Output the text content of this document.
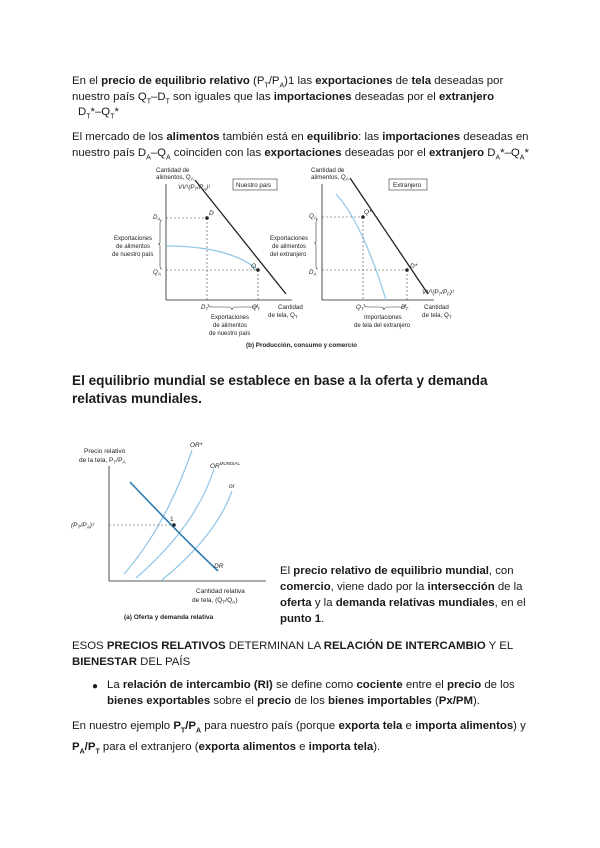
En el precio de equilibrio relativo $(P_T/P_A)1$ las exportaciones de tela deseadas por
nuestro país $Q_T-D_T$ son iguales que las importaciones deseadas por el extranjero
$D_T*-Q_T*$
El mercado de los alimentos también está en equilibrio: las importaciones deseadas en
nuestro país $D_A-Q_A$ coinciden con las exportaciones deseadas por el extranjero $D_A*-Q_A*$
Cantidad de
alimentos, $Q_A$
$VV^1(P_T/P_A)^1$	Nuestro país
D
Q
$D_A$
$Q_A$
Exportaciones
de alimentos
de nuestro país
$D_T$	$Q_T$
Exportaciones
de alimentos
de nuestro país
Cantidad
de tela, $Q_T$
Cantidad de
alimentos, $Q_A$
Extranjero
Q*
D*
$Q_A$
$D_A$
Exportaciones
de alimentos
del extranjero
$VV^1(P_T/P_F)^1$
$Q_T$	$D_T$
Importaciones
de tela del extranjero
Cantidad
de tela, $Q_T$
(b) Producción, consumo y comercio
El equilibrio mundial se establece en base a la oferta y demanda
relativas mundiales.
Precio relativo
de la tela, $P_T/P_A$
OR*
$OR^{MUNDIAL}$
or
DR
1
$(P_T/P_A)^1$
Cantidad relativa
de tela, $(Q_T/Q_A)$
(a) Oferta y demanda relativa
El precio relativo de equilibrio mundial, con
comercio, viene dado por la intersección de la
oferta y la demanda relativas mundiales, en el
punto 1.
ESOS PRECIOS RELATIVOS DETERMINAN LA RELACIÓN DE INTERCAMBIO Y EL
BIENESTAR DEL PAÍS
● La relación de intercambio (RI) se define como cociente entre el precio de los
bienes exportables sobre el precio de los bienes importables (Px/PM).
En nuestro ejemplo $P_T/P_A$ para nuestro país (porque exporta tela e importa alimentos) y
$P_A/P_T$ para el extranjero (exporta alimentos e importa tela).
